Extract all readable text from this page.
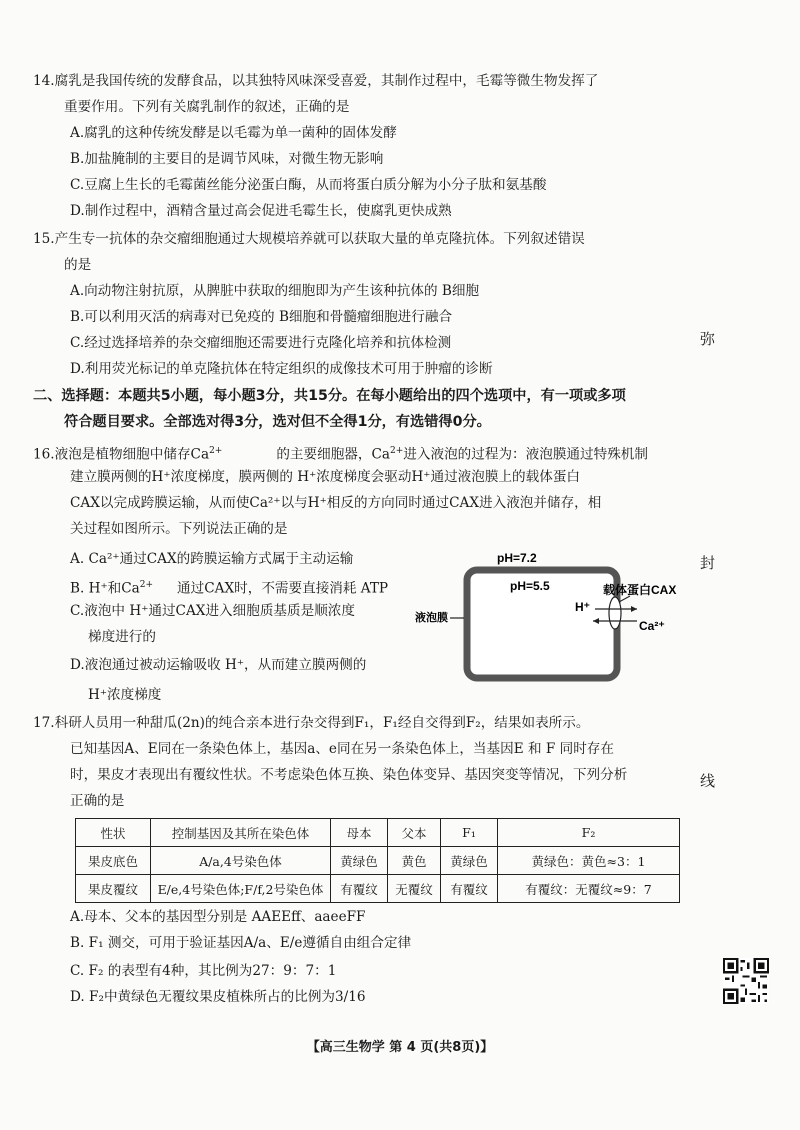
14.腐乳是我国传统的发酵食品，以其独特风味深受喜爱，其制作过程中，毛霉等微生物发挥了
重要作用。下列有关腐乳制作的叙述，正确的是
A.腐乳的这种传统发酵是以毛霉为单一菌种的固体发酵
B.加盐腌制的主要目的是调节风味，对微生物无影响
C.豆腐上生长的毛霉菌丝能分泌蛋白酶，从而将蛋白质分解为小分子肽和氨基酸
D.制作过程中，酒精含量过高会促进毛霉生长，使腐乳更快成熟
15.产生专一抗体的杂交瘤细胞通过大规模培养就可以获取大量的单克隆抗体。下列叙述错误
的是
A.向动物注射抗原，从脾脏中获取的细胞即为产生该种抗体的 B细胞
B.可以利用灭活的病毒对已免疫的 B细胞和骨髓瘤细胞进行融合
C.经过选择培养的杂交瘤细胞还需要进行克隆化培养和抗体检测
D.利用荧光标记的单克隆抗体在特定组织的成像技术可用于肿瘤的诊断
二、选择题：本题共5小题，每小题3分，共15分。在每小题给出的四个选项中，有一项或多项
符合题目要求。全部选对得3分，选对但不全得1分，有选错得0分。
16.液泡是植物细胞中储存$Ca^{2+}$	的主要细胞器，$Ca^{2+}$进入液泡的过程为：液泡膜通过特殊机制
建立膜两侧的H⁺浓度梯度，膜两侧的 H⁺浓度梯度会驱动H⁺通过液泡膜上的载体蛋白
CAX以完成跨膜运输，从而使Ca²⁺以与H⁺相反的方向同时通过CAX进入液泡并储存，相
关过程如图所示。下列说法正确的是
A. Ca²⁺通过CAX的跨膜运输方式属于主动运输
B. H⁺和$Ca^{2+}$ 通过CAX时，不需要直接消耗 ATP
C.液泡中 H⁺通过CAX进入细胞质基质是顺浓度
梯度进行的
D.液泡通过被动运输吸收 H⁺，从而建立膜两侧的
H⁺浓度梯度
pH=7.2
pH=5.5
液泡膜
载体蛋白CAX
H⁺
Ca²⁺
17.科研人员用一种甜瓜(2n)的纯合亲本进行杂交得到F₁，F₁经自交得到F₂，结果如表所示。
已知基因A、E同在一条染色体上，基因a、e同在另一条染色体上，当基因E 和 F 同时存在
时，果皮才表现出有覆纹性状。不考虑染色体互换、染色体变异、基因突变等情况，下列分析
正确的是
性状	控制基因及其所在染色体	母本	父本	F₁	F₂
果皮底色	A/a,4号染色体	黄绿色	黄色	黄绿色	黄绿色：黄色≈3：1
果皮覆纹	E/e,4号染色体;F/f,2号染色体	有覆纹	无覆纹	有覆纹	有覆纹：无覆纹≈9：7
A.母本、父本的基因型分别是 AAEEff、aaeeFF
B. F₁ 测交，可用于验证基因A/a、E/e遵循自由组合定律
C. F₂ 的表型有4种，其比例为27：9：7：1
D. F₂中黄绿色无覆纹果皮植株所占的比例为3/16
弥
封
线
【高三生物学 第 4 页(共8页)】
